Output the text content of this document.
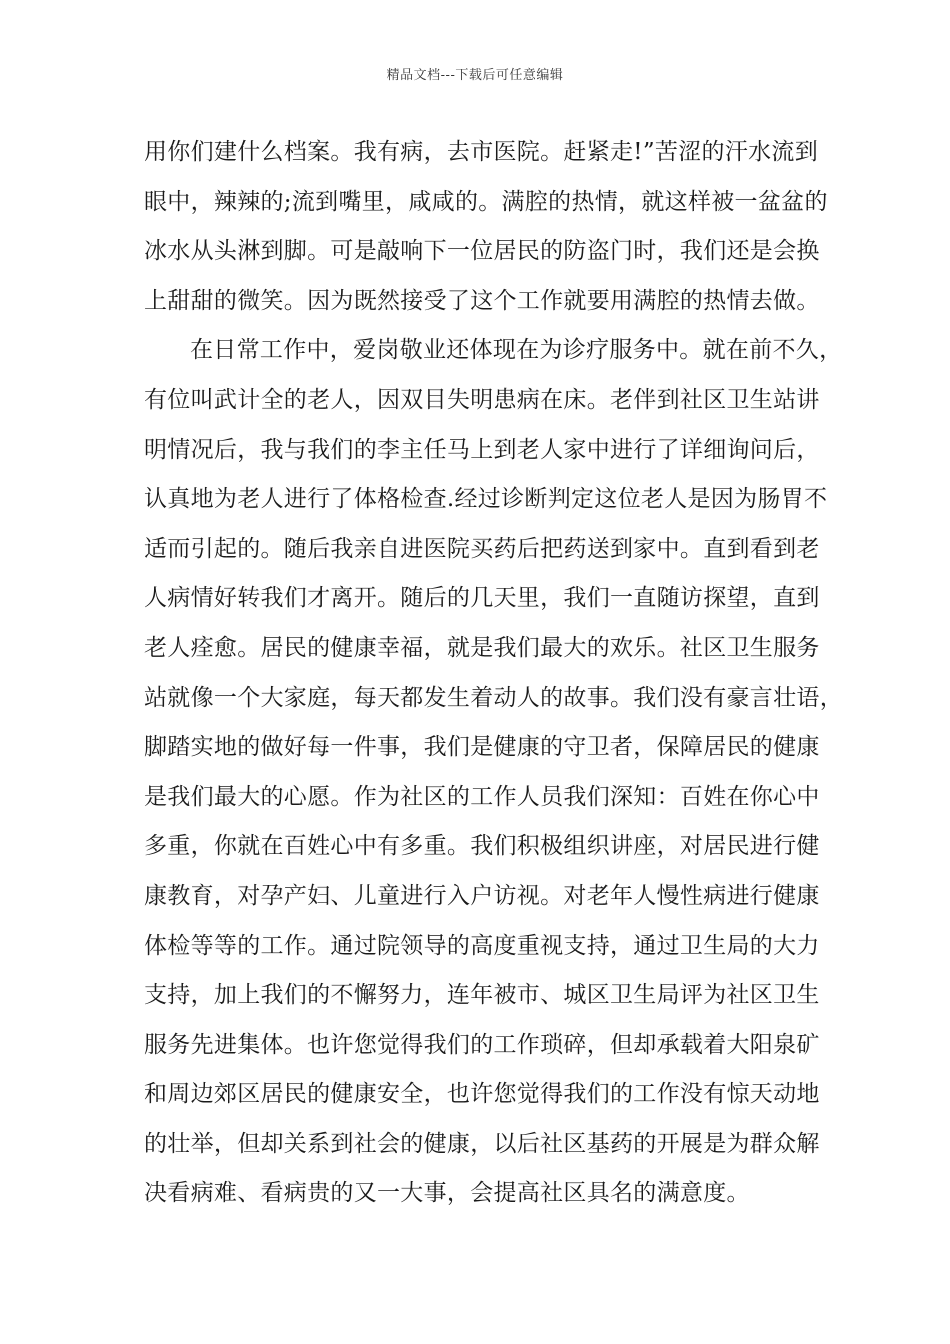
精品文档---下载后可任意编辑
用你们建什么档案。我有病，去市医院。赶紧走!”苦涩的汗水流到
眼中，辣辣的;流到嘴里，咸咸的。满腔的热情，就这样被一盆盆的
冰水从头淋到脚。可是敲响下一位居民的防盗门时，我们还是会换
上甜甜的微笑。因为既然接受了这个工作就要用满腔的热情去做。
在日常工作中，爱岗敬业还体现在为诊疗服务中。就在前不久，
有位叫武计全的老人，因双目失明患病在床。老伴到社区卫生站讲
明情况后，我与我们的李主任马上到老人家中进行了详细询问后，
认真地为老人进行了体格检查.经过诊断判定这位老人是因为肠胃不
适而引起的。随后我亲自进医院买药后把药送到家中。直到看到老
人病情好转我们才离开。随后的几天里，我们一直随访探望，直到
老人痊愈。居民的健康幸福，就是我们最大的欢乐。社区卫生服务
站就像一个大家庭，每天都发生着动人的故事。我们没有豪言壮语，
脚踏实地的做好每一件事，我们是健康的守卫者，保障居民的健康
是我们最大的心愿。作为社区的工作人员我们深知：百姓在你心中
多重，你就在百姓心中有多重。我们积极组织讲座，对居民进行健
康教育，对孕产妇、儿童进行入户访视。对老年人慢性病进行健康
体检等等的工作。通过院领导的高度重视支持，通过卫生局的大力
支持，加上我们的不懈努力，连年被市、城区卫生局评为社区卫生
服务先进集体。也许您觉得我们的工作琐碎，但却承载着大阳泉矿
和周边郊区居民的健康安全，也许您觉得我们的工作没有惊天动地
的壮举，但却关系到社会的健康，以后社区基药的开展是为群众解
决看病难、看病贵的又一大事，会提高社区具名的满意度。
